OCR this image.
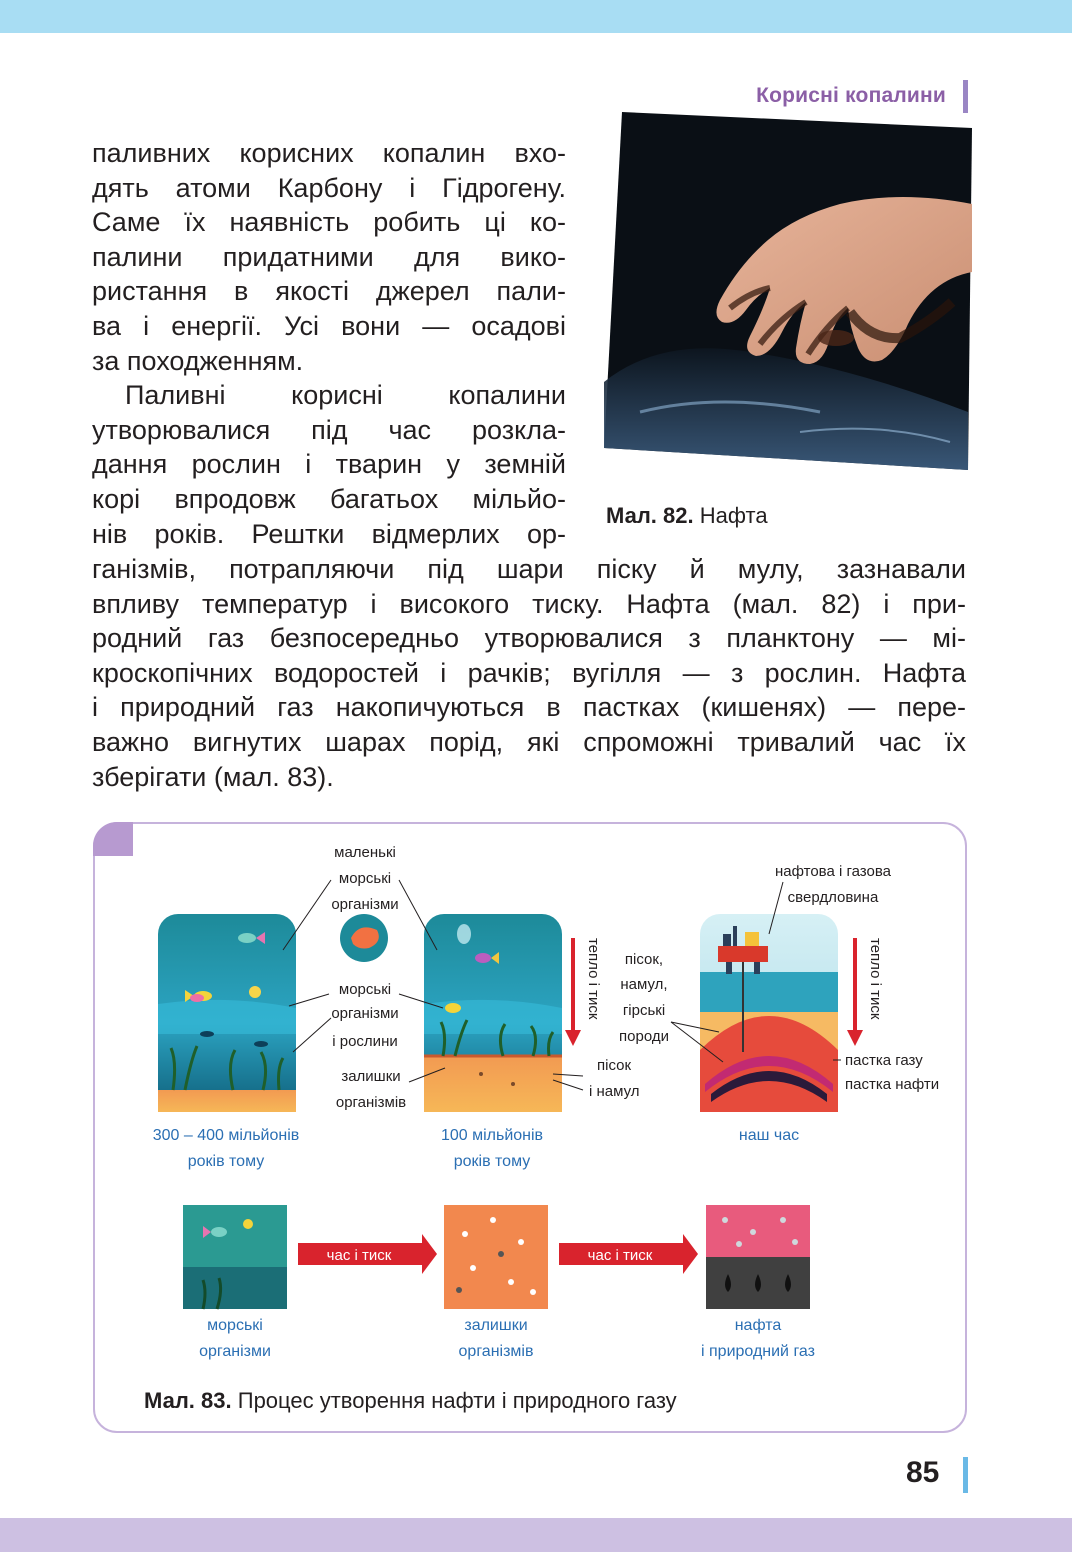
Корисні копалини
паливних корисних копалин вхо-
дять атоми Карбону і Гідрогену.
Саме їх наявність робить ці ко-
палини придатними для вико-
ристання в якості джерел пали-
ва і енергії. Усі вони — осадові
за походженням.
Паливні корисні копалини
утворювалися під час розкла-
дання рослин і тварин у земній
корі впродовж багатьох мільйо-
нів років. Рештки відмерлих ор-
ганізмів, потрапляючи під шари піску й мулу, зазнавали
впливу температур і високого тиску. Нафта (мал. 82) і при-
родний газ безпосередньо утворювалися з планктону — мі-
кроскопічних водоростей і рачків; вугілля — з рослин. Нафта
і природний газ накопичуються в пастках (кишенях) — пере-
важно вигнутих шарах порід, які спроможні тривалий час їх
зберігати (мал. 83).
Мал. 82. Нафта
тепло і тиск	тепло і тиск
маленькі
морські
організми
морські
організми
і рослини
залишки
організмів
пісок
і намул
пісок,
намул,
гірські
породи
нафтова і газова
свердловина
пастка газу
пастка нафти
300 – 400 мільйонів
років тому
100 мільйонів
років тому
наш час
час і тиск	час і тиск
морські
організми
залишки
організмів
нафта
і природний газ
Мал. 83. Процес утворення нафти і природного газу
85
